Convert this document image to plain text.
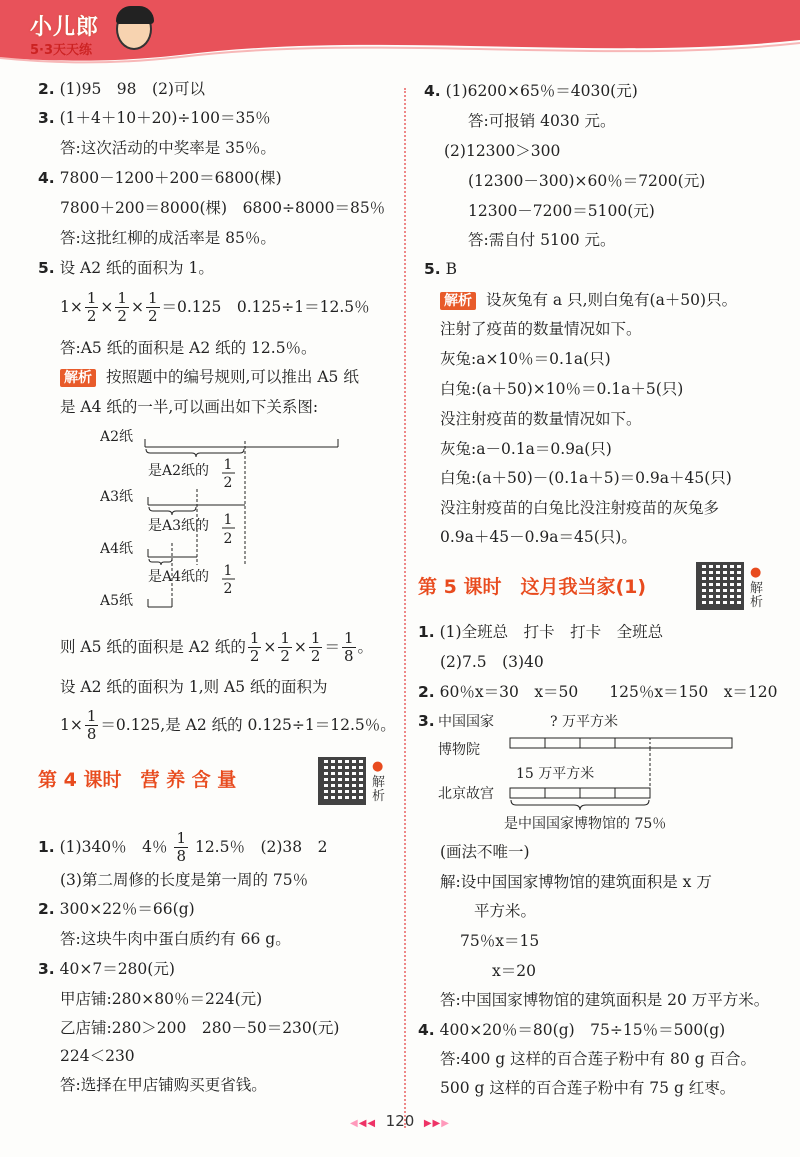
小儿郎
5·3天天练
2. (1)95　98　(2)可以
3. (1＋4＋10＋20)÷100＝35％
答:这次活动的中奖率是 35％。
4. 7800－1200＋200＝6800(棵)
7800＋200＝8000(棵)　6800÷8000＝85％
答:这批红柳的成活率是 85％。
5. 设 A2 纸的面积为 1。
$1\times \frac{1}{2} \times \frac{1}{2} \times \frac{1}{2} =0.125$　0.125÷1＝12.5％
答:A5 纸的面积是 A2 纸的 12.5％。
解析 按照题中的编号规则,可以推出 A5 纸
是 A4 纸的一半,可以画出如下关系图:
A2纸
是A2纸的 1
2
A3纸
是A3纸的 1
2
A4纸
是A4纸的 1
2
A5纸
则 A5 纸的面积是 A2 纸的 $\frac{1}{2} \times \frac{1}{2} \times \frac{1}{2} = \frac{1}{8}$ 。
设 A2 纸的面积为 1,则 A5 纸的面积为
$1\times \frac{1}{8} =0.125$,是 A2 纸的 0.125÷1＝12.5％。
第 4 课时　营 养 含 量
●
解析
1. (1)340％　4％ $\frac{1}{8} 12.5$％　(2)38　2
(3)第二周修的长度是第一周的 75％
2. 300×22％＝66(g)
答:这块牛肉中蛋白质约有 66 g。
3. 40×7＝280(元)
甲店铺:280×80％＝224(元)
乙店铺:280＞200　280－50＝230(元)
224＜230
答:选择在甲店铺购买更省钱。
4. (1)6200×65％＝4030(元)
答:可报销 4030 元。
(2)12300＞300
(12300－300)×60％＝7200(元)
12300－7200＝5100(元)
答:需自付 5100 元。
5. B
解析 设灰兔有 a 只,则白兔有(a＋50)只。
注射了疫苗的数量情况如下。
灰兔:a×10％＝0.1a(只)
白兔:(a＋50)×10％＝0.1a＋5(只)
没注射疫苗的数量情况如下。
灰兔:a－0.1a＝0.9a(只)
白兔:(a＋50)－(0.1a＋5)＝0.9a＋45(只)
没注射疫苗的白兔比没注射疫苗的灰兔多
0.9a＋45－0.9a＝45(只)。
第 5 课时　这月我当家(1)
●
解析
1. (1)全班总　打卡　打卡　全班总
(2)7.5　(3)40
2. 60％x＝30　x＝50　　125％x＝150　x＝120
3. 中国国家
博物院
? 万平方米
15 万平方米
北京故宫
是中国国家博物馆的 75％
(画法不唯一)
解:设中国国家博物馆的建筑面积是 x 万
平方米。
75％x＝15
x＝20
答:中国国家博物馆的建筑面积是 20 万平方米。
4. 400×20％＝80(g)　75÷15％＝500(g)
答:400 g 这样的百合莲子粉中有 80 g 百合。
500 g 这样的百合莲子粉中有 75 g 红枣。
◀◀◀ 120 ▶▶▶
